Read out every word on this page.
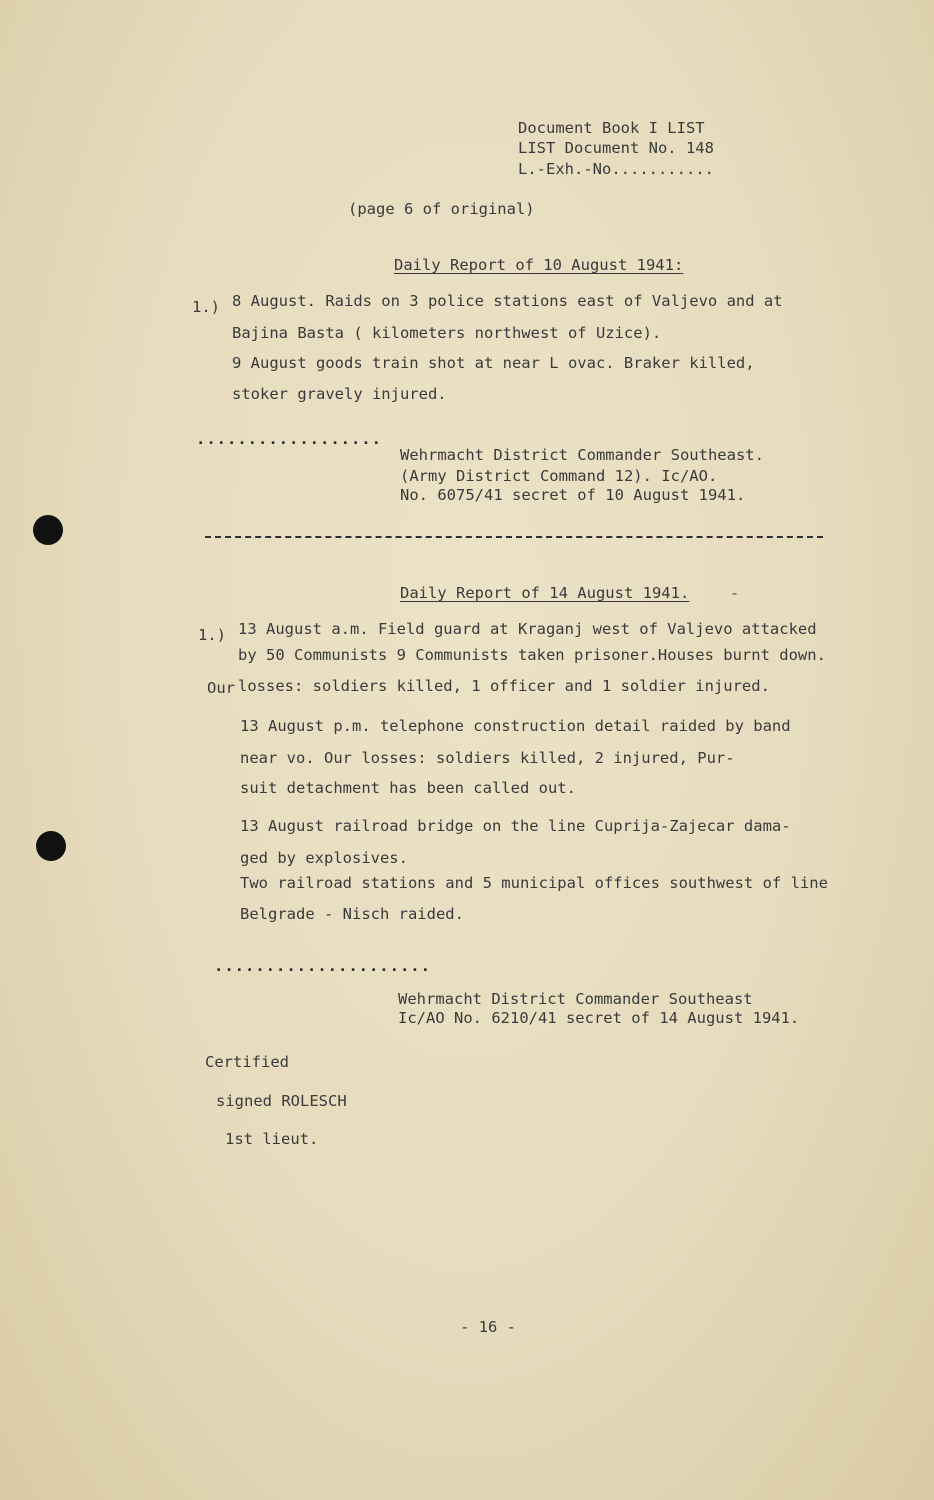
Document Book I LIST
LIST Document No. 148
L.-Exh.-No...........
(page 6 of original)
Daily Report of 10 August 1941:
1.) 8 August. Raids on 3 police stations east of Valjevo and at
Bajina Basta ( kilometers northwest of Uzice).
9 August goods train shot at near L ovac. Braker killed,
stoker gravely injured.
..................
Wehrmacht District Commander Southeast.
(Army District Command 12). Ic/AO.
No. 6075/41 secret of 10 August 1941.
Daily Report of 14 August 1941.	-
1.) 13 August a.m. Field guard at Kraganj west of Valjevo attacked
by 50 Communists 9 Communists taken prisoner.Houses burnt down.
Our losses: soldiers killed, 1 officer and 1 soldier injured.
13 August p.m. telephone construction detail raided by band
near vo. Our losses: soldiers killed, 2 injured, Pur-
suit detachment has been called out.
13 August railroad bridge on the line Cuprija-Zajecar dama-
ged by explosives.
Two railroad stations and 5 municipal offices southwest of line
Belgrade - Nisch raided.
.....................
Wehrmacht District Commander Southeast
Ic/AO No. 6210/41 secret of 14 August 1941.
Certified
signed ROLESCH
1st lieut.
- 16 -
